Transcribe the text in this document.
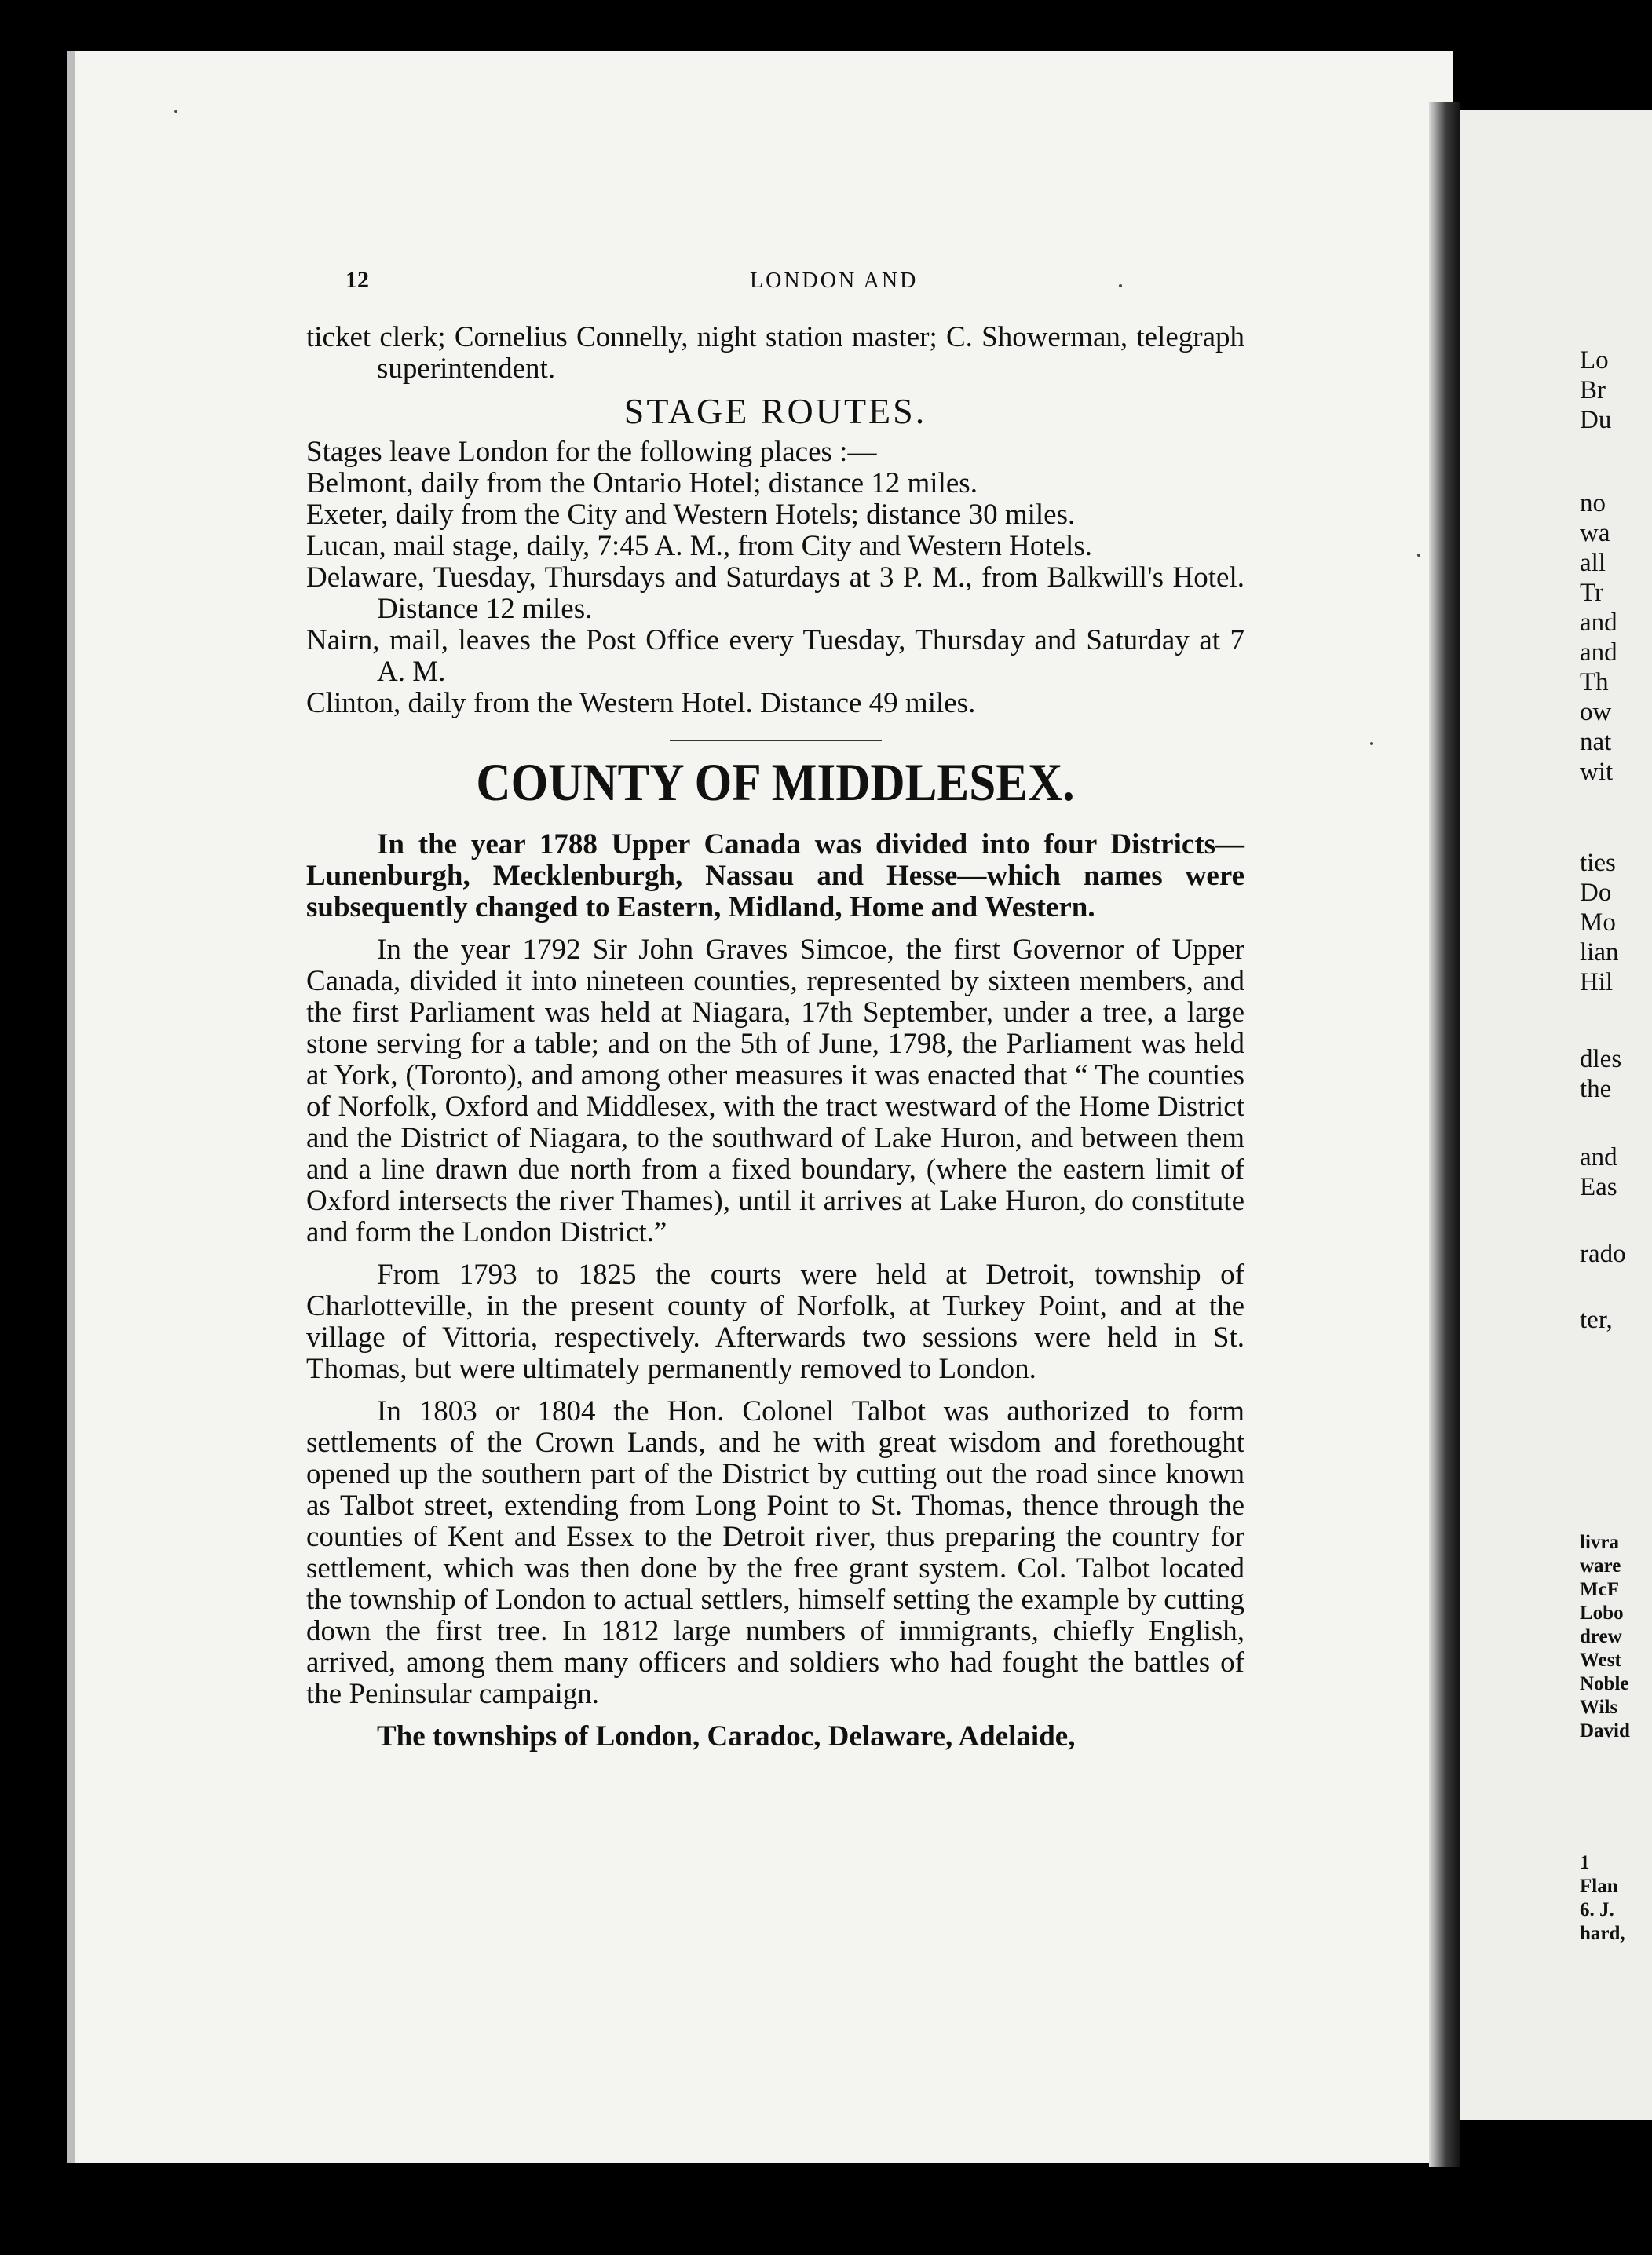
12	LONDON AND

ticket clerk; Cornelius Connelly, night station master; C. Showerman, telegraph superintendent.

STAGE ROUTES.

Stages leave London for the following places :—

Belmont, daily from the Ontario Hotel; distance 12 miles.

Exeter, daily from the City and Western Hotels; distance 30 miles.

Lucan, mail stage, daily, 7:45 A. M., from City and Western Hotels.

Delaware, Tuesday, Thursdays and Saturdays at 3 P. M., from Balkwill's Hotel. Distance 12 miles.

Nairn, mail, leaves the Post Office every Tuesday, Thursday and Saturday at 7 A. M.

Clinton, daily from the Western Hotel. Distance 49 miles.

COUNTY OF MIDDLESEX.

In the year 1788 Upper Canada was divided into four Districts—Lunenburgh, Mecklenburgh, Nassau and Hesse—which names were subsequently changed to Eastern, Midland, Home and Western.

In the year 1792 Sir John Graves Simcoe, the first Governor of Upper Canada, divided it into nineteen counties, represented by sixteen members, and the first Parliament was held at Niagara, 17th September, under a tree, a large stone serving for a table; and on the 5th of June, 1798, the Parliament was held at York, (Toronto), and among other measures it was enacted that “ The counties of Norfolk, Oxford and Middlesex, with the tract westward of the Home District and the District of Niagara, to the southward of Lake Huron, and between them and a line drawn due north from a fixed boundary, (where the eastern limit of Oxford intersects the river Thames), until it arrives at Lake Huron, do constitute and form the London District.”

From 1793 to 1825 the courts were held at Detroit, township of Charlotteville, in the present county of Norfolk, at Turkey Point, and at the village of Vittoria, respectively. Afterwards two sessions were held in St. Thomas, but were ultimately permanently removed to London.

In 1803 or 1804 the Hon. Colonel Talbot was authorized to form settlements of the Crown Lands, and he with great wisdom and forethought opened up the southern part of the District by cutting out the road since known as Talbot street, extending from Long Point to St. Thomas, thence through the counties of Kent and Essex to the Detroit river, thus preparing the country for settlement, which was then done by the free grant system. Col. Talbot located the township of London to actual settlers, himself setting the example by cutting down the first tree. In 1812 large numbers of immigrants, chiefly English, arrived, among them many officers and soldiers who had fought the battles of the Peninsular campaign.

The townships of London, Caradoc, Delaware, Adelaide,

Lo
Br
Du
no
wa
all
Tr
and
and
Th
ow
nat
wit
ties
Do
Mo
lian
Hil
dles
the
and
Eas
rado
ter,
livra
ware
McF
Lobo
drew
West
Noble
Wils
David
1
Flan
6. J.
hard,
